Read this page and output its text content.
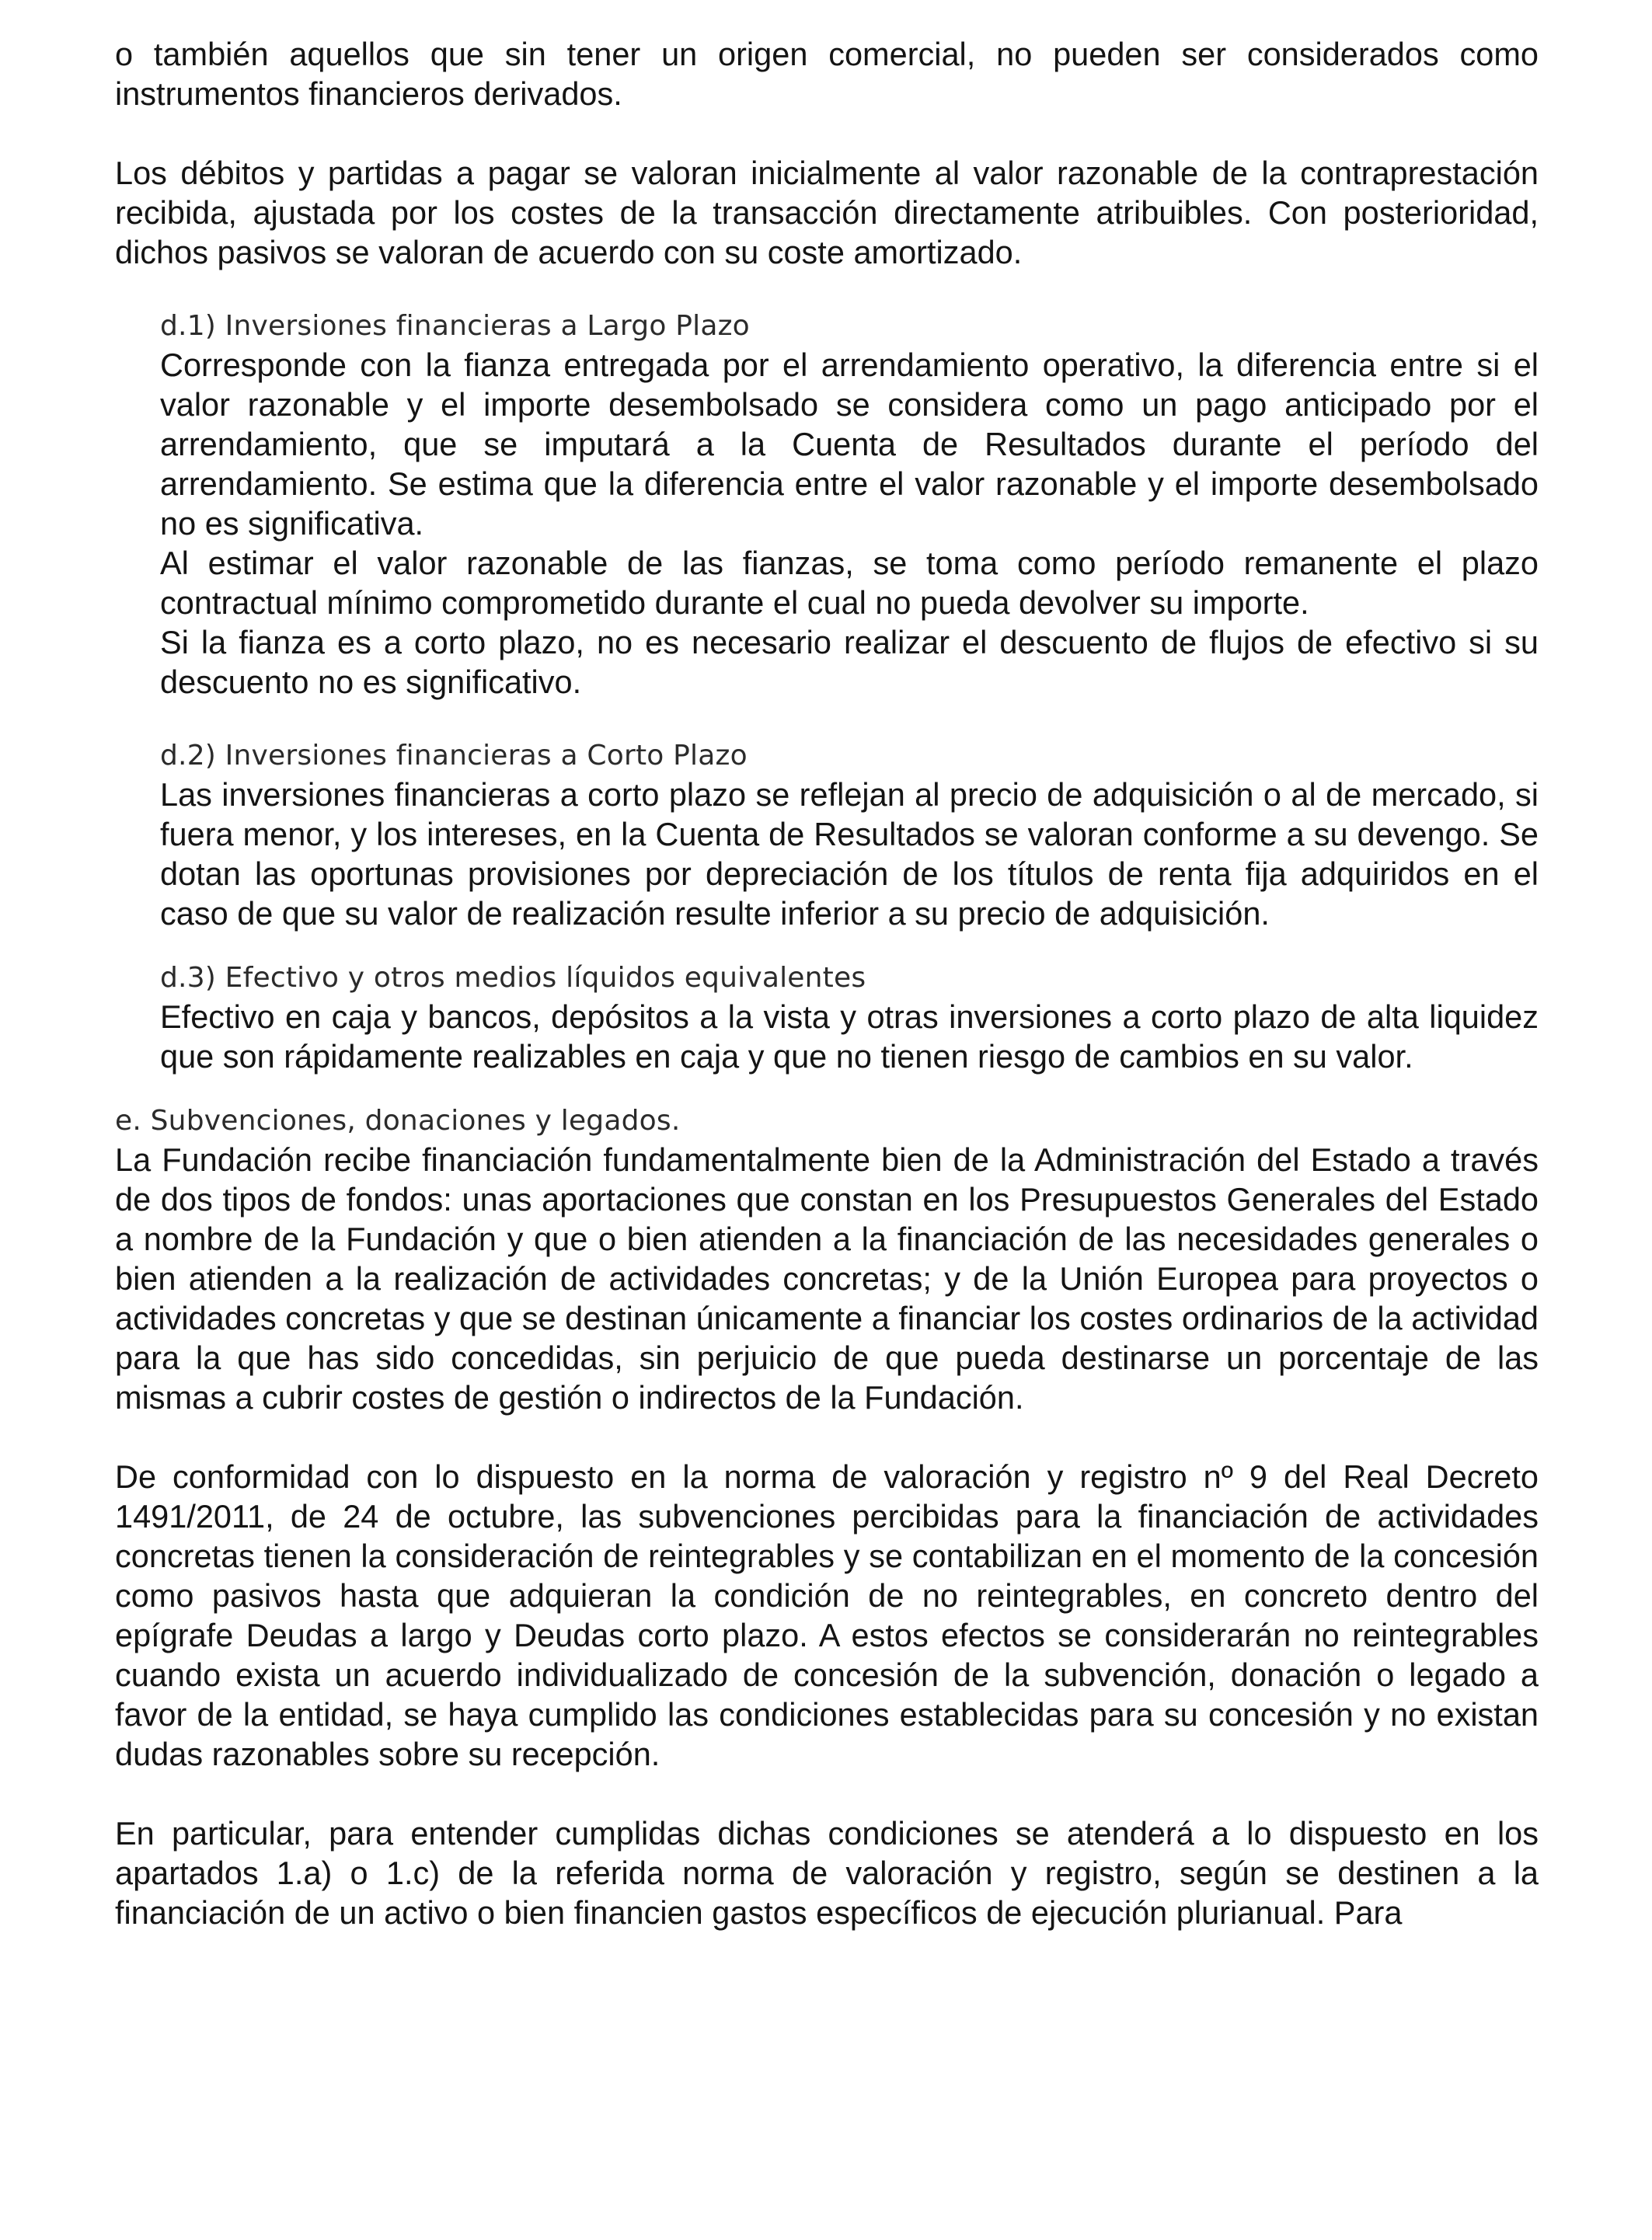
o también aquellos que sin tener un origen comercial, no pueden ser considerados como instrumentos financieros derivados.

Los débitos y partidas a pagar se valoran inicialmente al valor razonable de la contraprestación recibida, ajustada por los costes de la transacción directamente atribuibles. Con posterioridad, dichos pasivos se valoran de acuerdo con su coste amortizado.

d.1) Inversiones financieras a Largo Plazo

Corresponde con la fianza entregada por el arrendamiento operativo, la diferencia entre si el valor razonable y el importe desembolsado se considera como un pago anticipado por el arrendamiento, que se imputará a la Cuenta de Resultados durante el período del arrendamiento. Se estima que la diferencia entre el valor razonable y el importe desembolsado no es significativa.

Al estimar el valor razonable de las fianzas, se toma como período remanente el plazo contractual mínimo comprometido durante el cual no pueda devolver su importe.

Si la fianza es a corto plazo, no es necesario realizar el descuento de flujos de efectivo si su descuento no es significativo.

d.2) Inversiones financieras a Corto Plazo

Las inversiones financieras a corto plazo se reflejan al precio de adquisición o al de mercado, si fuera menor, y los intereses, en la Cuenta de Resultados se valoran conforme a su devengo. Se dotan las oportunas provisiones por depreciación de los títulos de renta fija adquiridos en el caso de que su valor de realización resulte inferior a su precio de adquisición.

d.3) Efectivo y otros medios líquidos equivalentes

Efectivo en caja y bancos, depósitos a la vista y otras inversiones a corto plazo de alta liquidez que son rápidamente realizables en caja y que no tienen riesgo de cambios en su valor.

e. Subvenciones, donaciones y legados.

La Fundación recibe financiación fundamentalmente bien de la Administración del Estado a través de dos tipos de fondos: unas aportaciones que constan en los Presupuestos Generales del Estado a nombre de la Fundación y que o bien atienden a la financiación de las necesidades generales o bien atienden a la realización de actividades concretas; y de la Unión Europea para proyectos o actividades concretas y que se destinan únicamente a financiar los costes ordinarios de la actividad para la que has sido concedidas, sin perjuicio de que pueda destinarse un porcentaje de las mismas a cubrir costes de gestión o indirectos de la Fundación.

De conformidad con lo dispuesto en la norma de valoración y registro nº 9 del Real Decreto 1491/2011, de 24 de octubre, las subvenciones percibidas para la financiación de actividades concretas tienen la consideración de reintegrables y se contabilizan en el momento de la concesión como pasivos hasta que adquieran la condición de no reintegrables, en concreto dentro del epígrafe Deudas a largo y Deudas corto plazo. A estos efectos se considerarán no reintegrables cuando exista un acuerdo individualizado de concesión de la subvención, donación o legado a favor de la entidad, se haya cumplido las condiciones establecidas para su concesión y no existan dudas razonables sobre su recepción.

En particular, para entender cumplidas dichas condiciones se atenderá a lo dispuesto en los apartados 1.a) o 1.c) de la referida norma de valoración y registro, según se destinen a la financiación de un activo o bien financien gastos específicos de ejecución plurianual. Para
